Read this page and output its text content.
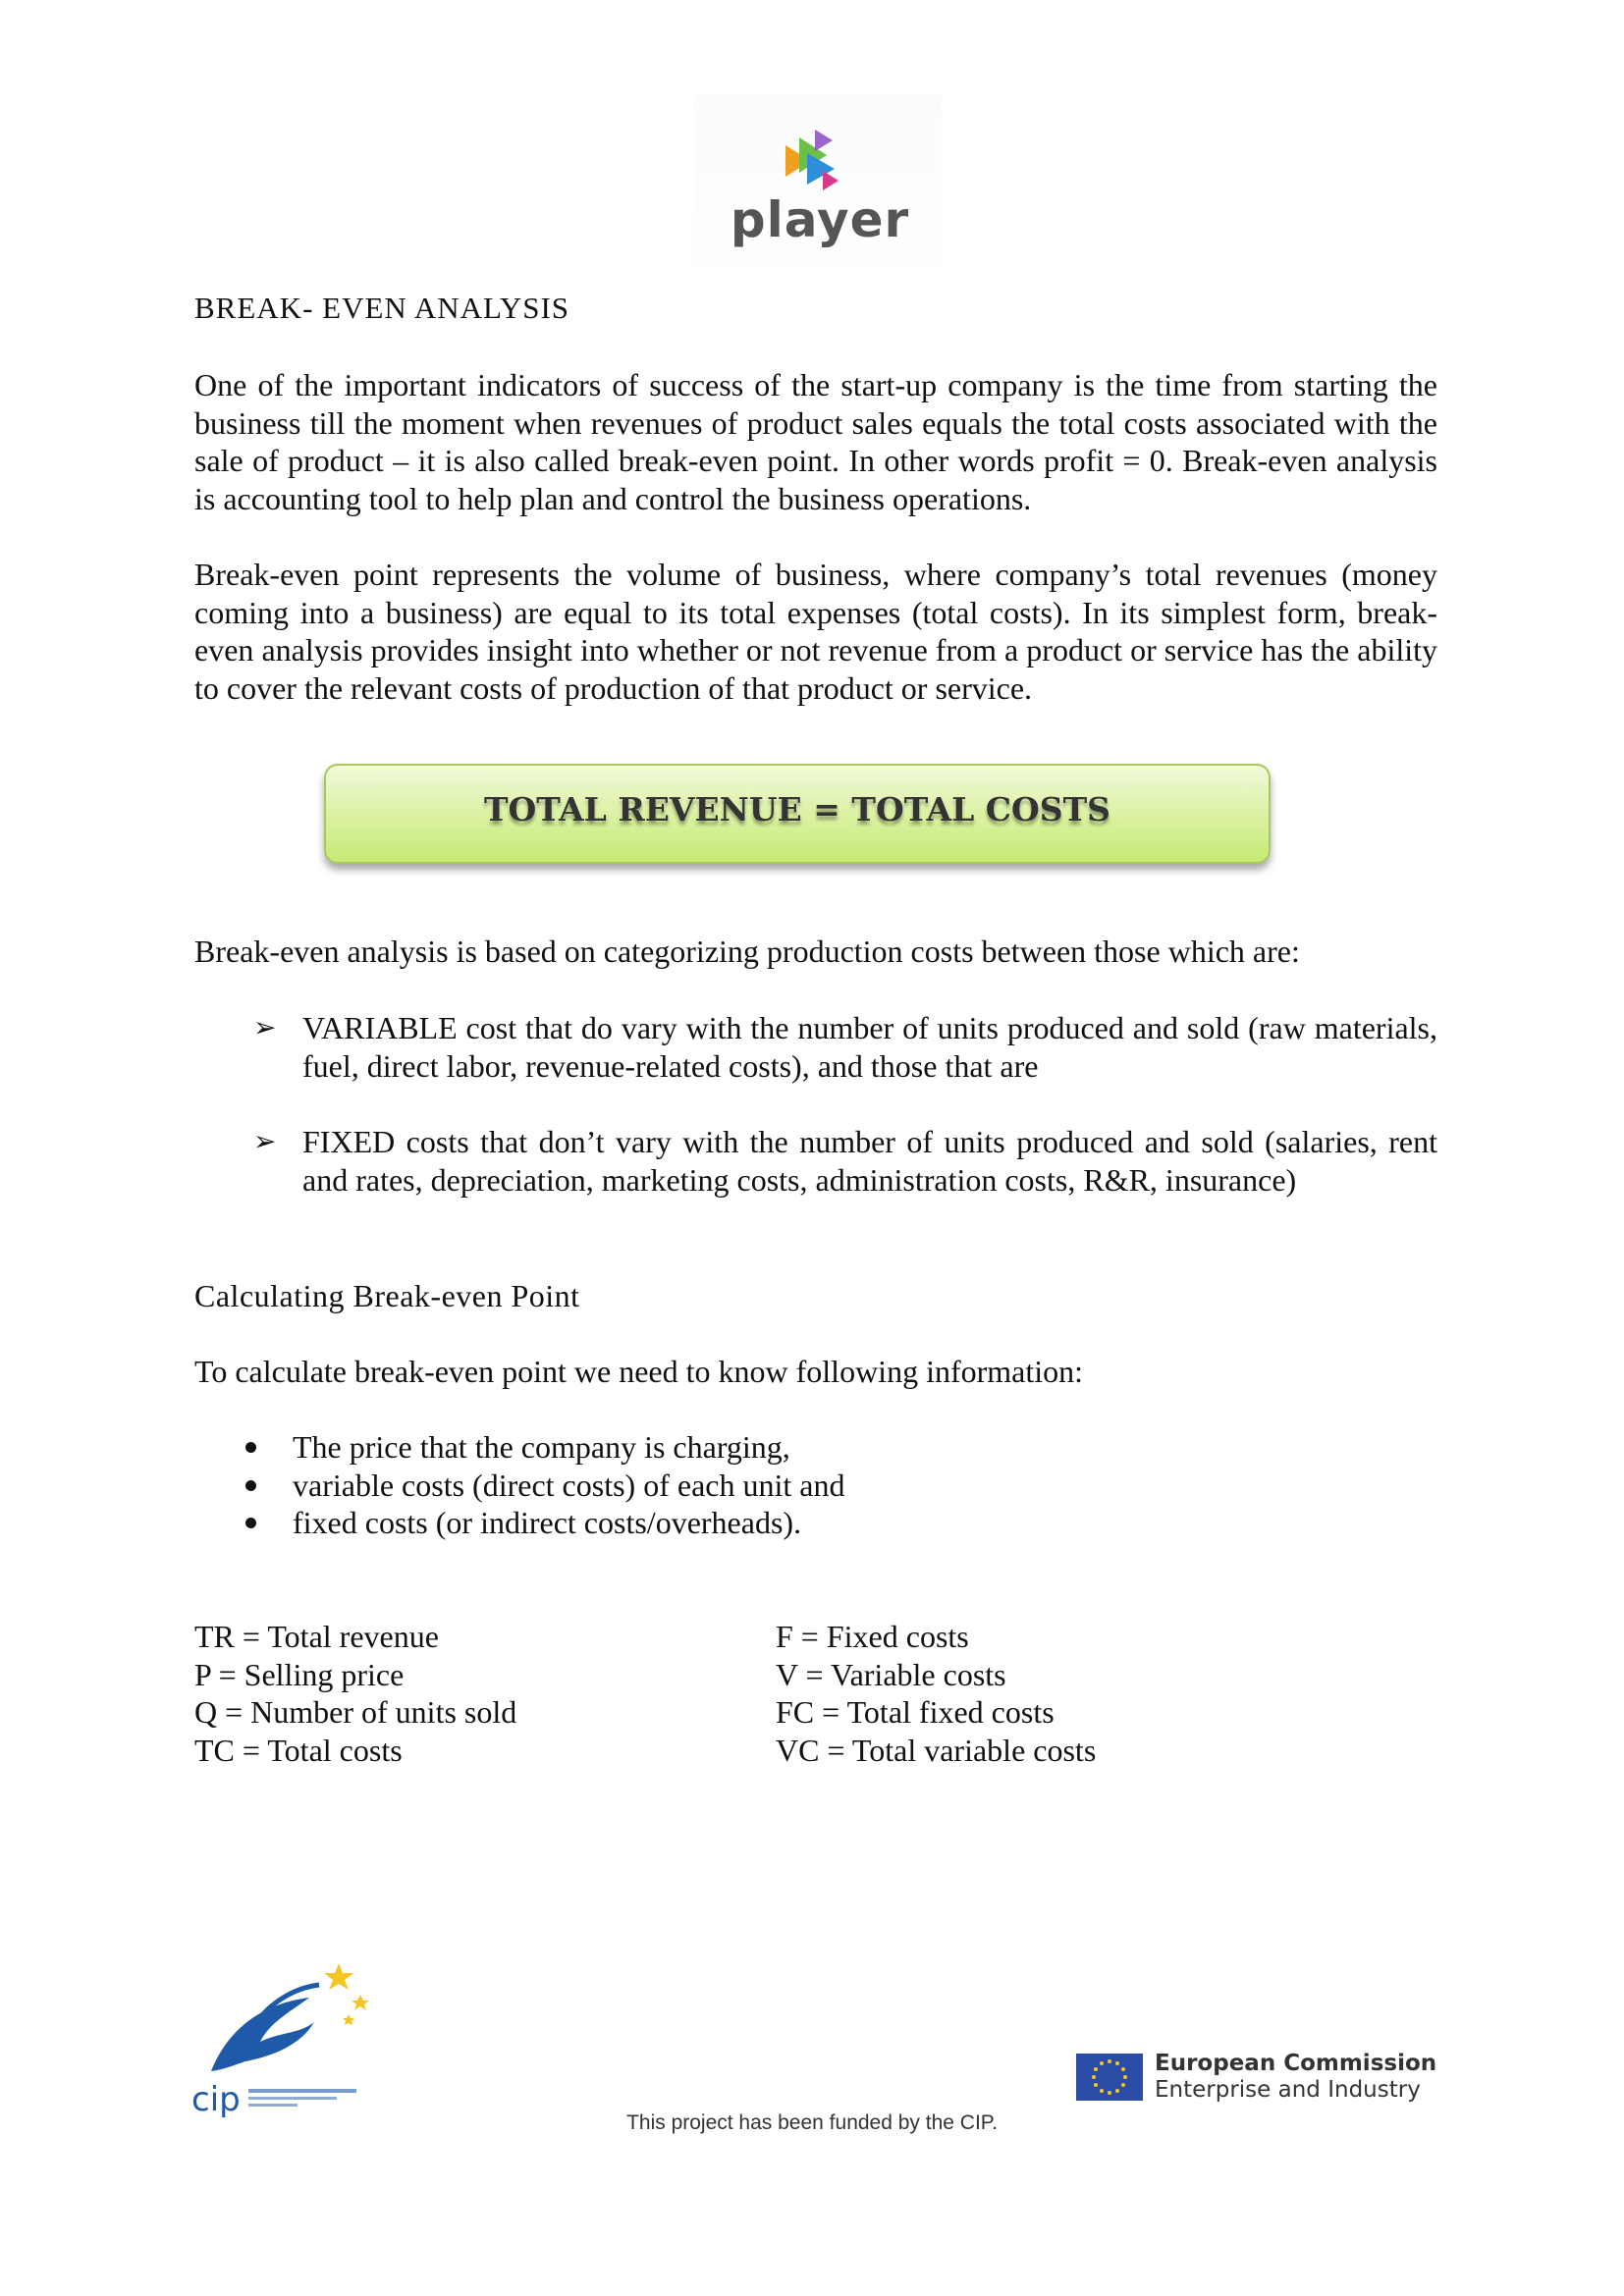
player
BREAK- EVEN ANALYSIS
One of the important indicators of success of the start-up company is the time from starting the business till the moment when revenues of product sales equals the total costs associated with the sale of product – it is also called break-even point. In other words profit = 0. Break-even analysis is accounting tool to help plan and control the business operations.
Break-even point represents the volume of business, where company’s total revenues (money coming into a business) are equal to its total expenses (total costs). In its simplest form, break-even analysis provides insight into whether or not revenue from a product or service has the ability to cover the relevant costs of production of that product or service.
TOTAL REVENUE = TOTAL COSTS
Break-even analysis is based on categorizing production costs between those which are:
➢ VARIABLE cost that do vary with the number of units produced and sold (raw materials, fuel, direct labor, revenue-related costs), and those that are
➢ FIXED costs that don’t vary with the number of units produced and sold (salaries, rent and rates, depreciation, marketing costs, administration costs, R&R, insurance)
Calculating Break-even Point
To calculate break-even point we need to know following information:
The price that the company is charging,
variable costs (direct costs) of each unit and
fixed costs (or indirect costs/overheads).
TR = Total revenue
P = Selling price
Q = Number of units sold
TC = Total costs
F = Fixed costs
V = Variable costs
FC = Total fixed costs
VC = Total variable costs
cip
European Commission
Enterprise and Industry
This project has been funded by the CIP.
